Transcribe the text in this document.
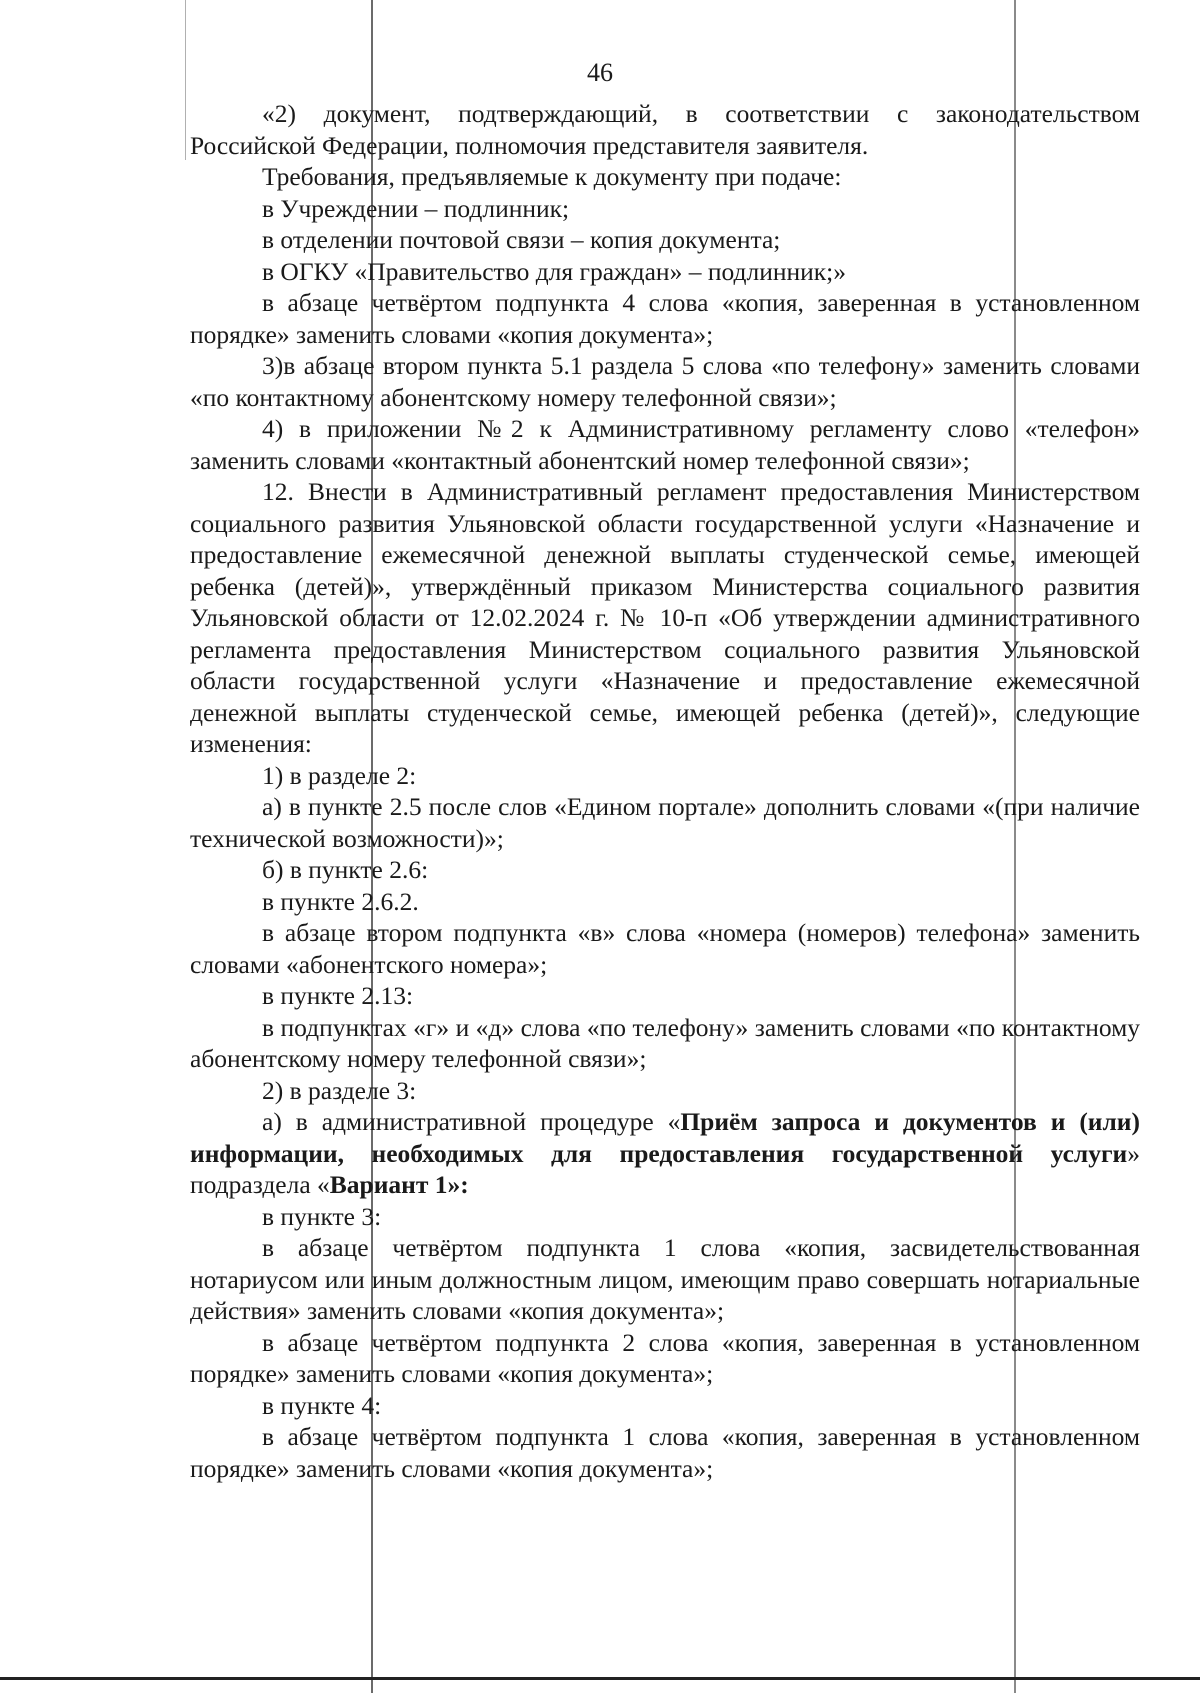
46

«2) документ, подтверждающий, в соответствии с законодательством Российской Федерации, полномочия представителя заявителя.

Требования, предъявляемые к документу при подаче:

в Учреждении – подлинник;

в отделении почтовой связи – копия документа;

в ОГКУ «Правительство для граждан» – подлинник;»

в абзаце четвёртом подпункта 4 слова «копия, заверенная в установленном порядке» заменить словами «копия документа»;

3)в абзаце втором пункта 5.1 раздела 5 слова «по телефону» заменить словами «по контактному абонентскому номеру телефонной связи»;

4) в приложении №2 к Административному регламенту слово «телефон» заменить словами «контактный абонентский номер телефонной связи»;

12. Внести в Административный регламент предоставления Министерством социального развития Ульяновской области государственной услуги «Назначение и предоставление ежемесячной денежной выплаты студенческой семье, имеющей ребенка (детей)», утверждённый приказом Министерства социального развития Ульяновской области от 12.02.2024 г. № 10-п «Об утверждении административного регламента предоставления Министерством социального развития Ульяновской области государственной услуги «Назначение и предоставление ежемесячной денежной выплаты студенческой семье, имеющей ребенка (детей)», следующие изменения:

1) в разделе 2:

а) в пункте 2.5 после слов «Едином портале» дополнить словами «(при наличие технической возможности)»;

б) в пункте 2.6:

в пункте 2.6.2.

в абзаце втором подпункта «в» слова «номера (номеров) телефона» заменить словами «абонентского номера»;

в пункте 2.13:

в подпунктах «г» и «д» слова «по телефону» заменить словами «по контактному абонентскому номеру телефонной связи»;

2) в разделе 3:

а) в административной процедуре «Приём запроса и документов и (или) информации, необходимых для предоставления государственной услуги» подраздела «Вариант 1»:

в пункте 3:

в абзаце четвёртом подпункта 1 слова «копия, засвидетельствованная нотариусом или иным должностным лицом, имеющим право совершать нотариальные действия» заменить словами «копия документа»;

в абзаце четвёртом подпункта 2 слова «копия, заверенная в установленном порядке» заменить словами «копия документа»;

в пункте 4:

в абзаце четвёртом подпункта 1 слова «копия, заверенная в установленном порядке» заменить словами «копия документа»;
